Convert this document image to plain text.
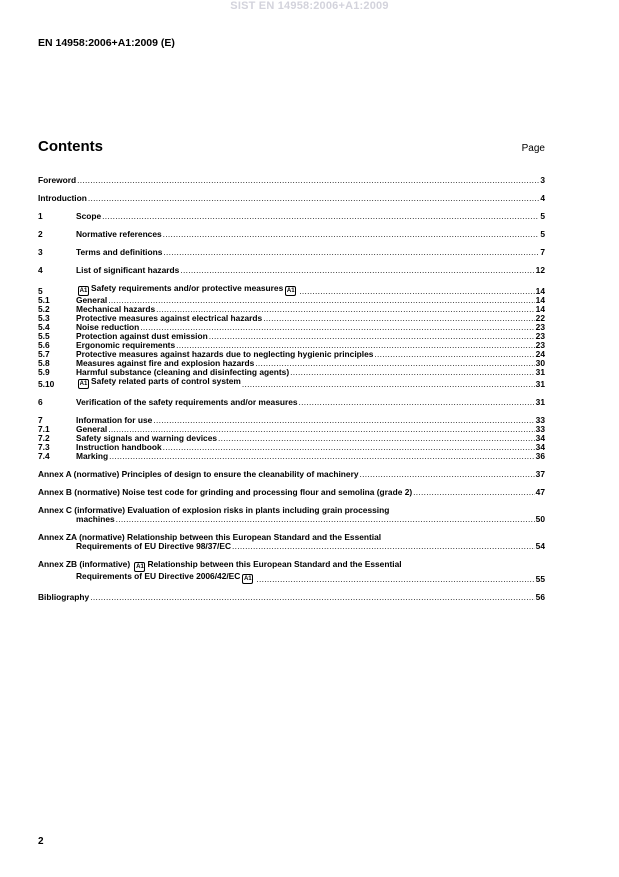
SIST EN 14958:2006+A1:2009
EN 14958:2006+A1:2009 (E)
Contents	Page
Foreword .....	3
Introduction .....	4
1	Scope .....	5
2	Normative references .....	5
3	Terms and definitions .....	7
4	List of significant hazards .....	12
5	A1 Safety requirements and/or protective measures A1 .....	14
5.1	General .....	14
5.2	Mechanical hazards .....	14
5.3	Protective measures against electrical hazards .....	22
5.4	Noise reduction .....	23
5.5	Protection against dust emission .....	23
5.6	Ergonomic requirements .....	23
5.7	Protective measures against hazards due to neglecting hygienic principles .....	24
5.8	Measures against fire and explosion hazards .....	30
5.9	Harmful substance (cleaning and disinfecting agents) .....	31
5.10	A1 Safety related parts of control system .....	31
6	Verification of the safety requirements and/or measures .....	31
7	Information for use .....	33
7.1	General .....	33
7.2	Safety signals and warning devices .....	34
7.3	Instruction handbook .....	34
7.4	Marking .....	36
Annex A (normative) Principles of design to ensure the cleanability of machinery .....	37
Annex B (normative) Noise test code for grinding and processing flour and semolina (grade 2) .....	47
Annex C (informative) Evaluation of explosion risks in plants including grain processing
machines .....	50
Annex ZA (normative) Relationship between this European Standard and the Essential
Requirements of EU Directive 98/37/EC .....	54
Annex ZB (informative) A1 Relationship between this European Standard and the Essential
Requirements of EU Directive 2006/42/EC A1 .....	55
Bibliography .....	56
2
